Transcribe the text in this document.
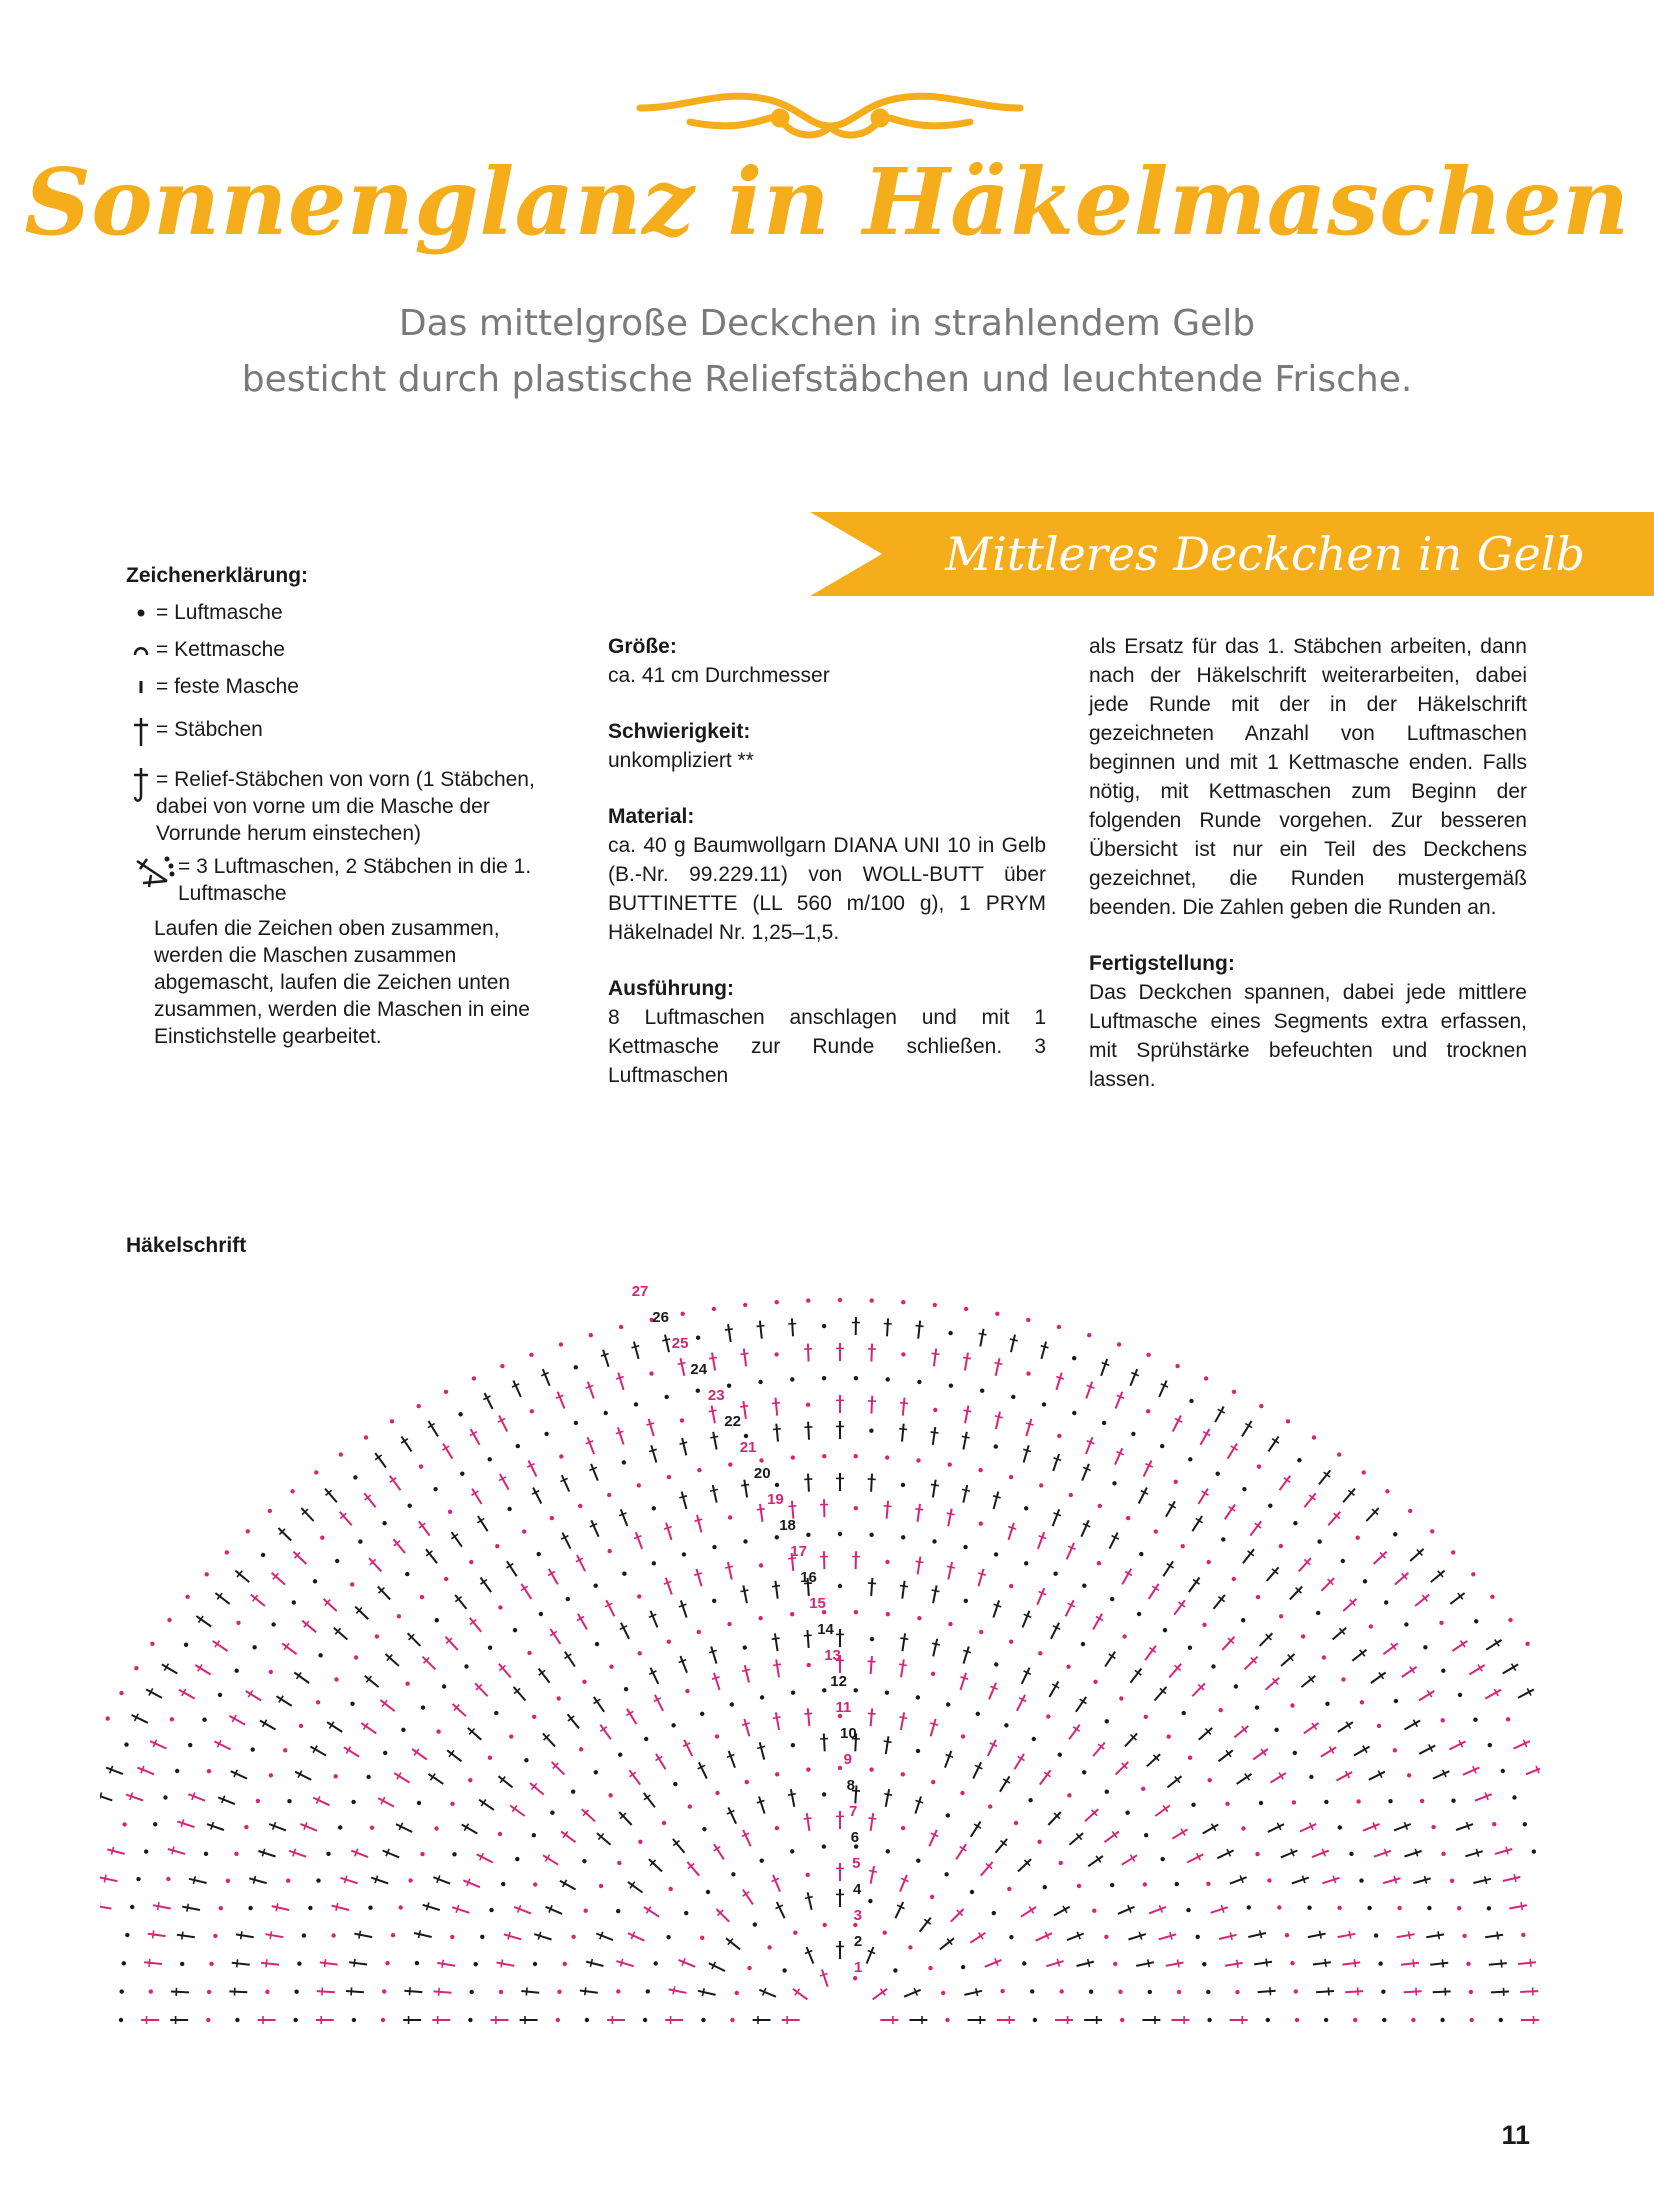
Sonnenglanz in Häkelmaschen
Das mittelgroße Deckchen in strahlendem Gelb
besticht durch plastische Reliefstäbchen und leuchtende Frische.
Mittleres Deckchen in Gelb
Zeichenerklärung:
= Luftmasche
= Kettmasche
= feste Masche
= Stäbchen
= Relief-Stäbchen von vorn (1 Stäbchen, dabei von vorne um die Masche der Vorrunde herum einstechen)
= 3 Luftmaschen, 2 Stäbchen in die 1. Luftmasche
Laufen die Zeichen oben zusammen, werden die Maschen zusammen abgemascht, laufen die Zeichen unten zusammen, werden die Maschen in eine Einstichstelle gearbeitet.
Größe:

ca. 41 cm Durchmesser

Schwierigkeit:

unkompliziert **

Material:

ca. 40 g Baumwollgarn DIANA UNI 10 in Gelb (B.-Nr. 99.229.11) von WOLL-BUTT über BUTTINETTE (LL 560 m/100 g), 1 PRYM Häkelnadel Nr. 1,25–1,5.

Ausführung:

8 Luftmaschen anschlagen und mit 1 Kettmasche zur Runde schließen. 3 Luftmaschen

als Ersatz für das 1. Stäbchen arbeiten, dann nach der Häkelschrift weiterarbeiten, dabei jede Runde mit der in der Häkelschrift gezeichneten Anzahl von Luftmaschen beginnen und mit 1 Kettmasche enden. Falls nötig, mit Kettmaschen zum Beginn der folgenden Runde vorgehen. Zur besseren Übersicht ist nur ein Teil des Deckchens gezeichnet, die Runden mustergemäß beenden. Die Zahlen geben die Runden an.

Fertigstellung:

Das Deckchen spannen, dabei jede mittlere Luftmasche eines Segments extra erfassen, mit Sprühstärke befeuchten und trocknen lassen.

Häkelschrift
1
2
3
4
5
6
7
8
9
10
11
12
13
14
15
16
17
18
19
20
21
22
23
24
25
26
27
11
